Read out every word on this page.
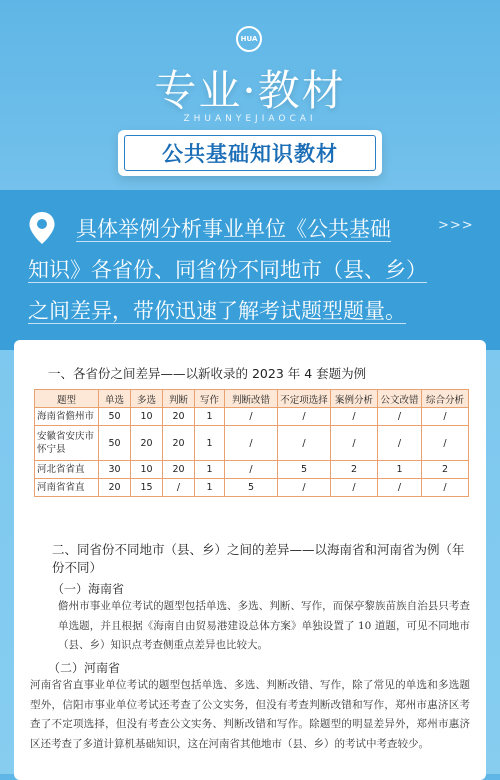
HUA
专业·教材
ZHUANYEJIAOCAI
公共基础知识教材
>>>
具体举例分析事业单位《公共基础
知识》各省份、同省份不同地市（县、乡）
之间差异，带你迅速了解考试题型题量。
一、各省份之间差异——以新收录的 2023 年 4 套题为例
题型	单选	多选	判断	写作	判断改错	不定项选择	案例分析	公文改错	综合分析
海南省儋州市	50	10	20	1	/	/	/	/	/
安徽省安庆市怀宁县	50	20	20	1	/	/	/	/	/
河北省省直	30	10	20	1	/	5	2	1	2
河南省省直	20	15	/	1	5	/	/	/	/
二、同省份不同地市（县、乡）之间的差异——以海南省和河南省为例（年份不同）
（一）海南省
儋州市事业单位考试的题型包括单选、多选、判断、写作，而保亭黎族苗族自治县只考查单选题，并且根据《海南自由贸易港建设总体方案》单独设置了 10 道题，可见不同地市（县、乡）知识点考查侧重点差异也比较大。
（二）河南省
河南省省直事业单位考试的题型包括单选、多选、判断改错、写作，除了常见的单选和多选题型外，信阳市事业单位考试还考查了公文实务，但没有考查判断改错和写作，郑州市惠济区考查了不定项选择，但没有考查公文实务、判断改错和写作。除题型的明显差异外，郑州市惠济区还考查了多道计算机基础知识，这在河南省其他地市（县、乡）的考试中考查较少。
